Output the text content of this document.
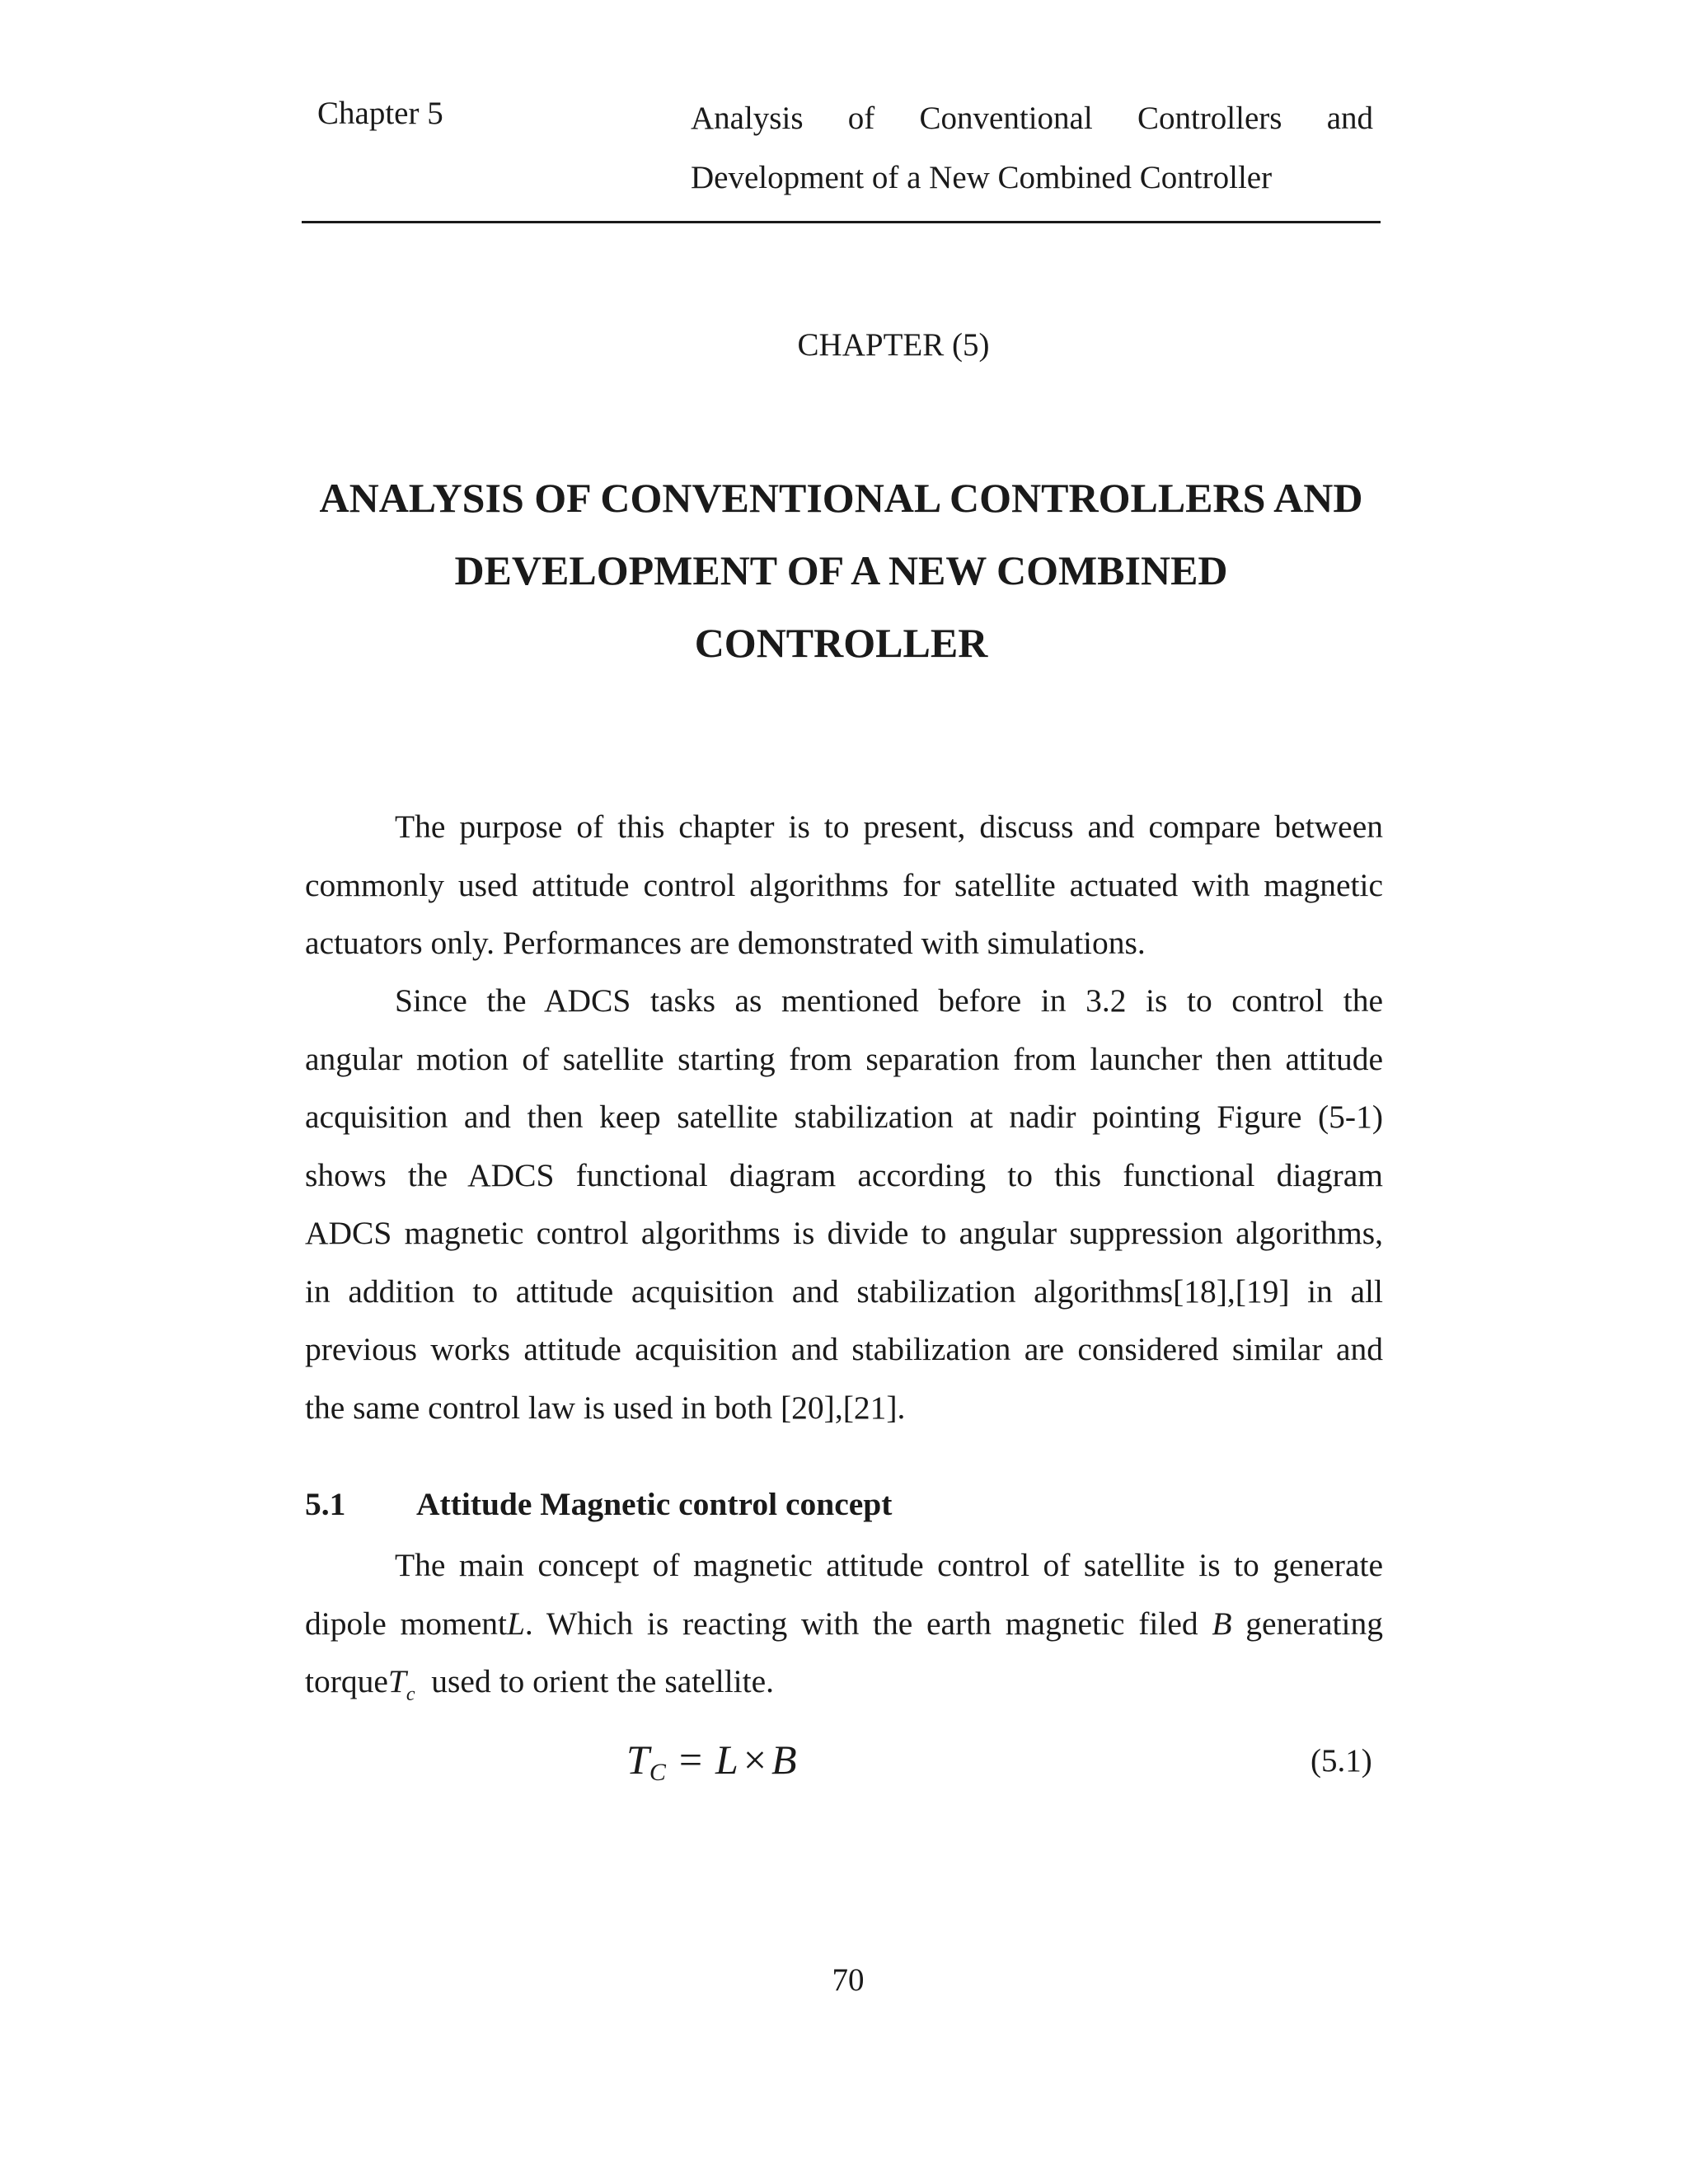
Chapter 5	Analysis of Conventional Controllers and
Development of a New Combined Controller
CHAPTER (5)
ANALYSIS OF CONVENTIONAL CONTROLLERS AND
DEVELOPMENT OF A NEW COMBINED
CONTROLLER
The purpose of this chapter is to present, discuss and compare between
commonly used attitude control algorithms for satellite actuated with magnetic
actuators only. Performances are demonstrated with simulations.
Since the ADCS tasks as mentioned before in 3.2 is to control the
angular motion of satellite starting from separation from launcher then attitude
acquisition and then keep satellite stabilization at nadir pointing Figure (5-1)
shows the ADCS functional diagram according to this functional diagram
ADCS magnetic control algorithms is divide to angular suppression algorithms,
in addition to attitude acquisition and stabilization algorithms[18],[19] in all
previous works attitude acquisition and stabilization are considered similar and
the same control law is used in both [20],[21].
5.1 Attitude Magnetic control concept
The main concept of magnetic attitude control of satellite is to generate
dipole momentL. Which is reacting with the earth magnetic filed B generating
torqueT$_c$ used to orient the satellite.
$T_C = L \times B$	(5.1)
70
